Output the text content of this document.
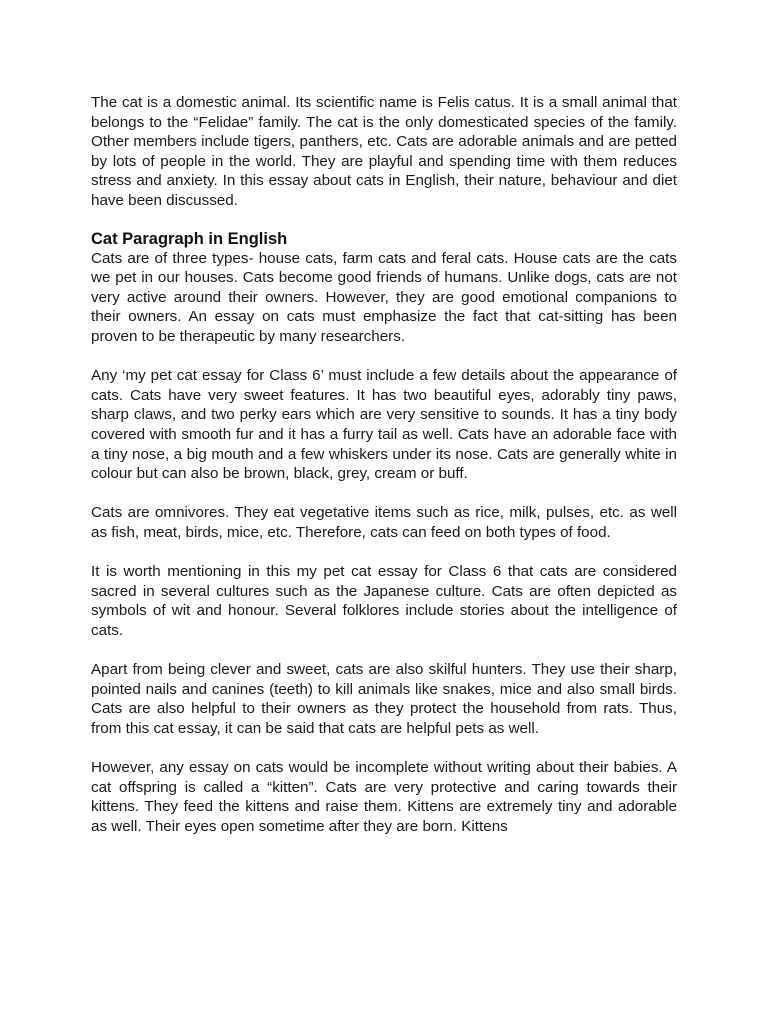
The cat is a domestic animal. Its scientific name is Felis catus. It is a small animal that belongs to the “Felidae” family. The cat is the only domesticated species of the family. Other members include tigers, panthers, etc. Cats are adorable animals and are petted by lots of people in the world. They are playful and spending time with them reduces stress and anxiety. In this essay about cats in English, their nature, behaviour and diet have been discussed.

Cat Paragraph in English

Cats are of three types- house cats, farm cats and feral cats. House cats are the cats we pet in our houses. Cats become good friends of humans. Unlike dogs, cats are not very active around their owners. However, they are good emotional companions to their owners. An essay on cats must emphasize the fact that cat-sitting has been proven to be therapeutic by many researchers.

Any ‘my pet cat essay for Class 6’ must include a few details about the appearance of cats. Cats have very sweet features. It has two beautiful eyes, adorably tiny paws, sharp claws, and two perky ears which are very sensitive to sounds. It has a tiny body covered with smooth fur and it has a furry tail as well. Cats have an adorable face with a tiny nose, a big mouth and a few whiskers under its nose. Cats are generally white in colour but can also be brown, black, grey, cream or buff.

Cats are omnivores. They eat vegetative items such as rice, milk, pulses, etc. as well as fish, meat, birds, mice, etc. Therefore, cats can feed on both types of food.

It is worth mentioning in this my pet cat essay for Class 6 that cats are considered sacred in several cultures such as the Japanese culture. Cats are often depicted as symbols of wit and honour. Several folklores include stories about the intelligence of cats.

Apart from being clever and sweet, cats are also skilful hunters. They use their sharp, pointed nails and canines (teeth) to kill animals like snakes, mice and also small birds. Cats are also helpful to their owners as they protect the household from rats. Thus, from this cat essay, it can be said that cats are helpful pets as well.

However, any essay on cats would be incomplete without writing about their babies. A cat offspring is called a “kitten”. Cats are very protective and caring towards their kittens. They feed the kittens and raise them. Kittens are extremely tiny and adorable as well. Their eyes open sometime after they are born. Kittens
